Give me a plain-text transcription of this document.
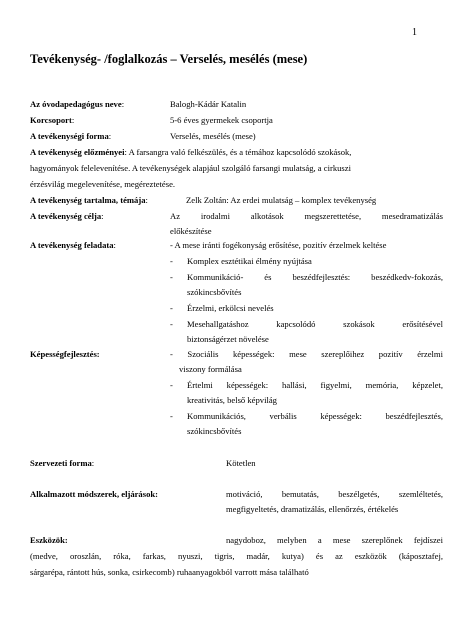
1
Tevékenység- /foglalkozás – Verselés, mesélés (mese)
Az óvodapedagógus neve:	Balogh-Kádár Katalin
Korcsoport:	5-6 éves gyermekek csoportja
A tevékenységi forma:	Verselés, mesélés (mese)
A tevékenység előzményei: A farsangra való felkészülés, és a témához kapcsolódó szokások,
hagyományok felelevenítése. A tevékenységek alapjául szolgáló farsangi mulatság, a cirkuszi
érzésvilág megelevenítése, megéreztetése.
A tevékenység tartalma, témája:	Zelk Zoltán: Az erdei mulatság – komplex tevékenység
A tevékenység célja:	Az irodalmi alkotások megszerettetése, mesedramatizálás
előkészítése
A tevékenység feladata:	- A mese iránti fogékonyság erősítése, pozitív érzelmek keltése
- Komplex esztétikai élmény nyújtása
- Kommunikáció- és beszédfejlesztés: beszédkedv-fokozás,
szókincsbővítés
- Érzelmi, erkölcsi nevelés
- Mesehallgatáshoz kapcsolódó szokások erősítésével
biztonságérzet növelése
Képességfejlesztés:	- Szociális képességek: mese szereplőihez pozitív érzelmi
viszony formálása
- Értelmi képességek: hallási, figyelmi, memória, képzelet,
kreativitás, belső képvilág
- Kommunikációs, verbális képességek: beszédfejlesztés,
szókincsbővítés
Szervezeti forma:	Kötetlen
Alkalmazott módszerek, eljárások:	motiváció, bemutatás, beszélgetés, szemléltetés,
megfigyeltetés, dramatizálás, ellenőrzés, értékelés
Eszközök:	nagydoboz, melyben a mese szereplőnek fejdíszei
(medve, oroszlán, róka, farkas, nyuszi, tigris, madár, kutya) és az eszközök (káposztafej,
sárgarépa, rántott hús, sonka, csirkecomb) ruhaanyagokból varrott mása található
